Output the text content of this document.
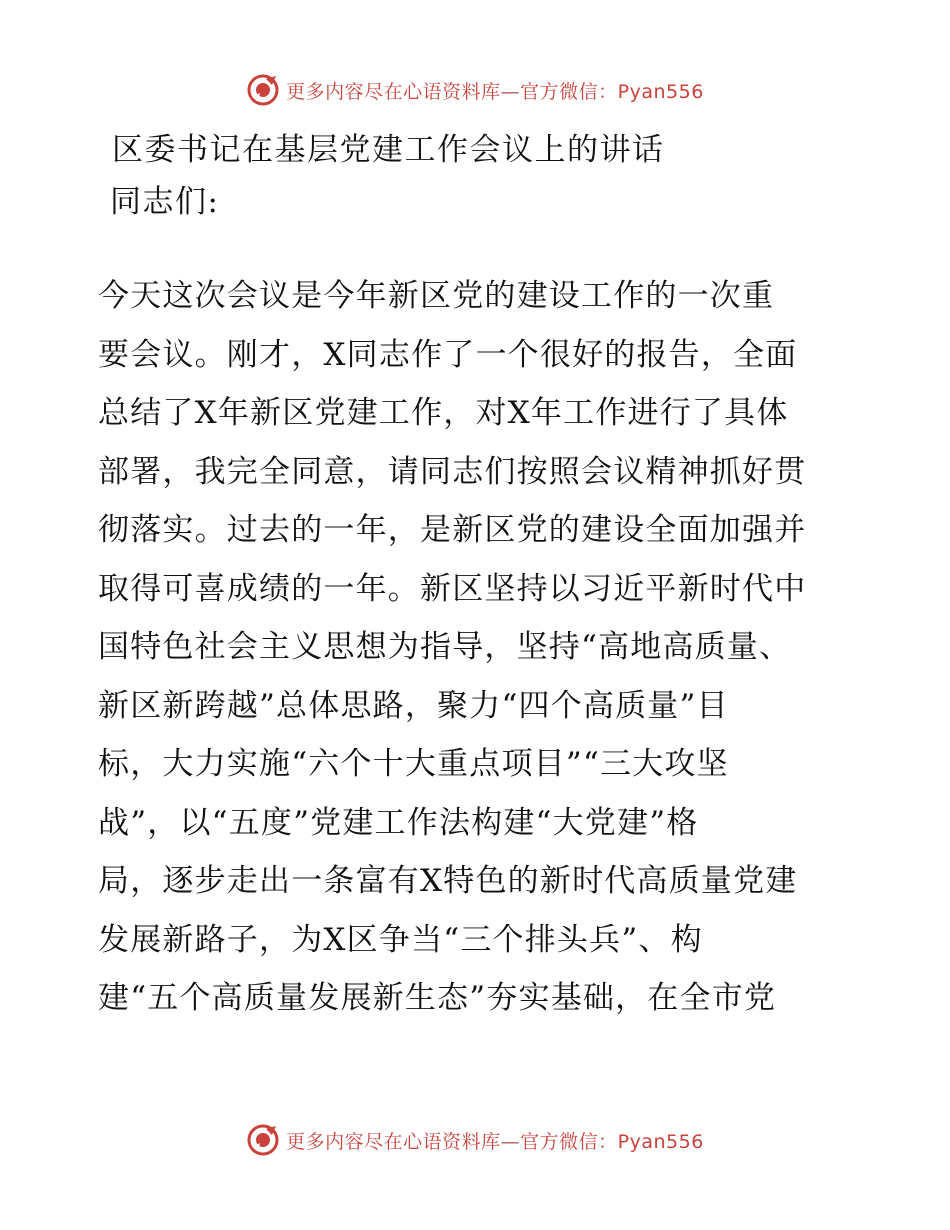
更多内容尽在心语资料库—官方微信：Pyan556
区委书记在基层党建工作会议上的讲话
同志们:
今天这次会议是今年新区党的建设工作的一次重
要会议。刚才，X同志作了一个很好的报告，全面
总结了X年新区党建工作，对X年工作进行了具体
部署，我完全同意，请同志们按照会议精神抓好贯
彻落实。过去的一年，是新区党的建设全面加强并
取得可喜成绩的一年。新区坚持以习近平新时代中
国特色社会主义思想为指导，坚持“高地高质量、
新区新跨越”总体思路，聚力“四个高质量”目
标，大力实施“六个十大重点项目”“三大攻坚
战”，以“五度”党建工作法构建“大党建”格
局，逐步走出一条富有X特色的新时代高质量党建
发展新路子，为X区争当“三个排头兵”、构
建“五个高质量发展新生态”夯实基础，在全市党
更多内容尽在心语资料库—官方微信：Pyan556
